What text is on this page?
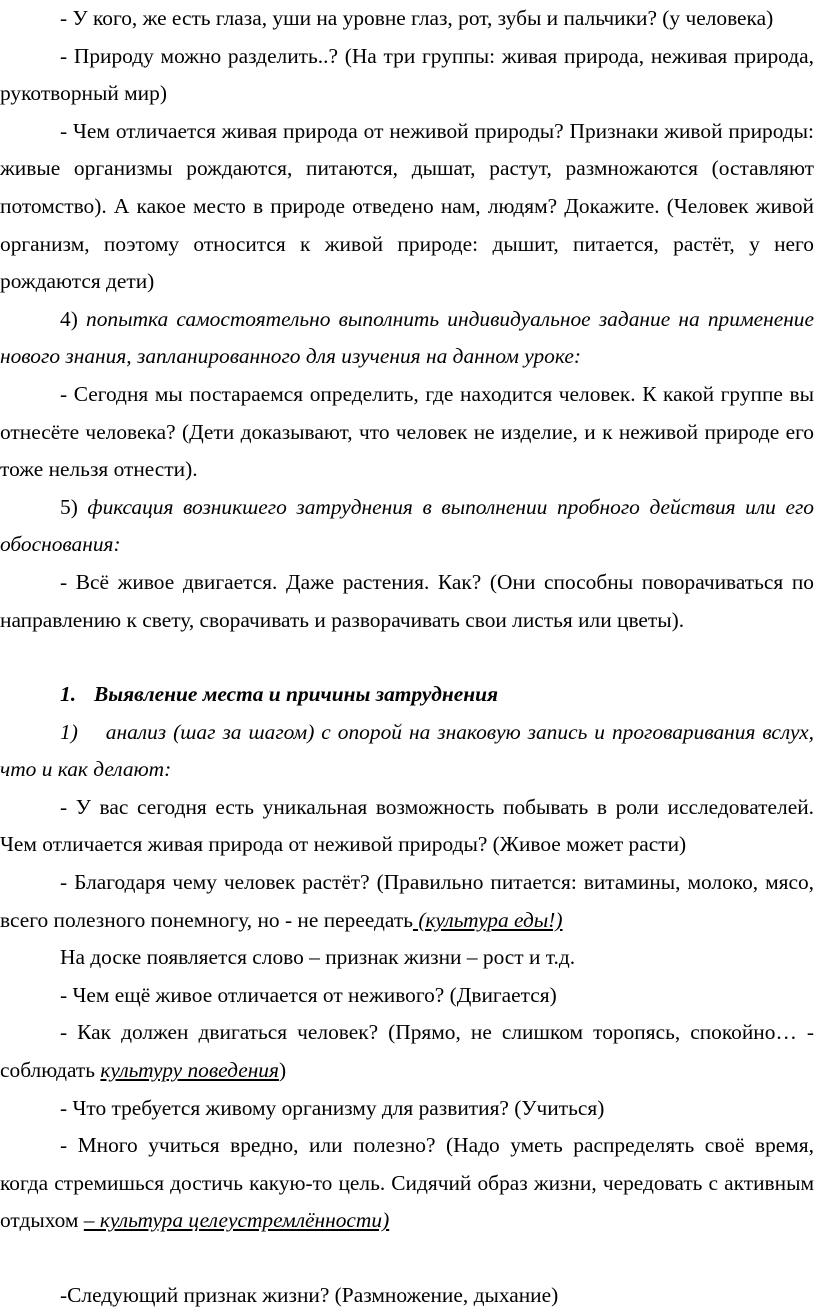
- У кого, же есть глаза, уши на уровне глаз, рот, зубы и пальчики? (у человека)

- Природу можно разделить..? (На три группы: живая природа, неживая природа, рукотворный мир)

- Чем отличается живая природа от неживой природы? Признаки живой природы: живые организмы рождаются, питаются, дышат, растут, размножаются (оставляют потомство). А какое место в природе отведено нам, людям? Докажите. (Человек живой организм, поэтому относится к живой природе: дышит, питается, растёт, у него рождаются дети)

4) попытка самостоятельно выполнить индивидуальное задание на применение нового знания, запланированного для изучения на данном уроке:

- Сегодня мы постараемся определить, где находится человек. К какой группе вы отнесёте человека? (Дети доказывают, что человек не изделие, и к неживой природе его тоже нельзя отнести).

5) фиксация возникшего затруднения в выполнении пробного действия или его обоснования:

- Всё живое двигается. Даже растения. Как? (Они способны поворачиваться по направлению к свету, сворачивать и разворачивать свои листья или цветы).

1. Выявление места и причины затруднения

1)    анализ (шаг за шагом) с опорой на знаковую запись и проговаривания вслух, что и как делают:

- У вас сегодня есть уникальная возможность побывать в роли исследователей. Чем отличается живая природа от неживой природы? (Живое может расти)

- Благодаря чему человек растёт? (Правильно питается: витамины, молоко, мясо, всего полезного понемногу, но - не переедать (культура еды!)

На доске появляется слово – признак жизни – рост и т.д.

- Чем ещё живое отличается от неживого? (Двигается)

- Как должен двигаться человек? (Прямо, не слишком торопясь, спокойно… - соблюдать культуру поведения)

- Что требуется живому организму для развития? (Учиться)

- Много учиться вредно, или полезно? (Надо уметь распределять своё время, когда стремишься достичь какую-то цель. Сидячий образ жизни, чередовать с активным отдыхом – культура целеустремлённости)

-Следующий признак жизни? (Размножение, дыхание)
